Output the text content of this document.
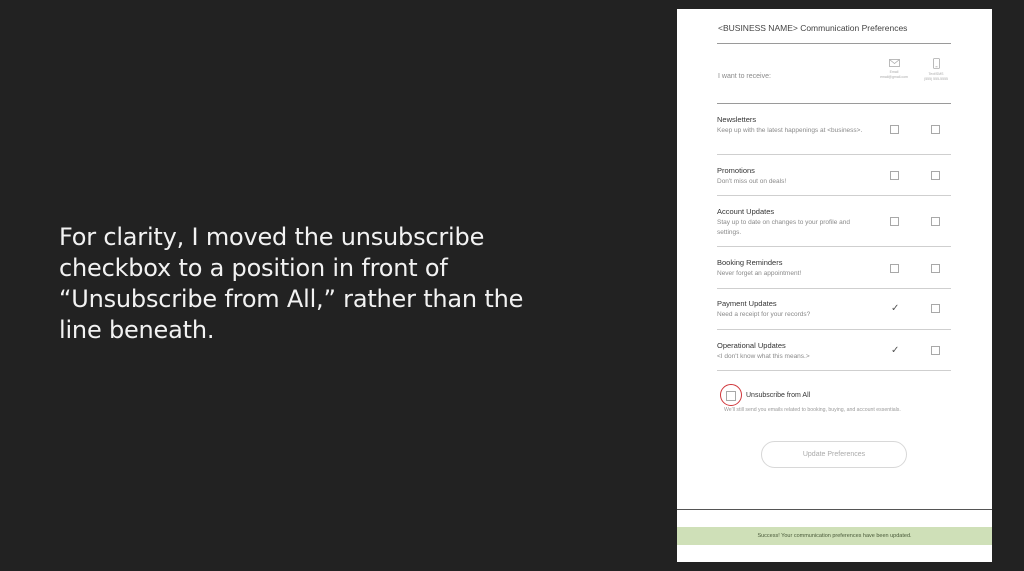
For clarity, I moved the unsubscribe checkbox to a position in front of “Unsubscribe from All,” rather than the line beneath.
<BUSINESS NAME> Communication Preferences
I want to receive:
Email
email@gmail.com
Text/SMS
(555) 555-5555
Newsletters
Keep up with the latest happenings at <business>.
Promotions
Don't miss out on deals!
Account Updates
Stay up to date on changes to your profile and settings.
Booking Reminders
Never forget an appointment!
Payment Updates
Need a receipt for your records?
✓
Operational Updates
<I don't know what this means.>
✓
Unsubscribe from All
We'll still send you emails related to booking, buying, and account essentials.
Update Preferences
Success! Your communication preferences have been updated.
